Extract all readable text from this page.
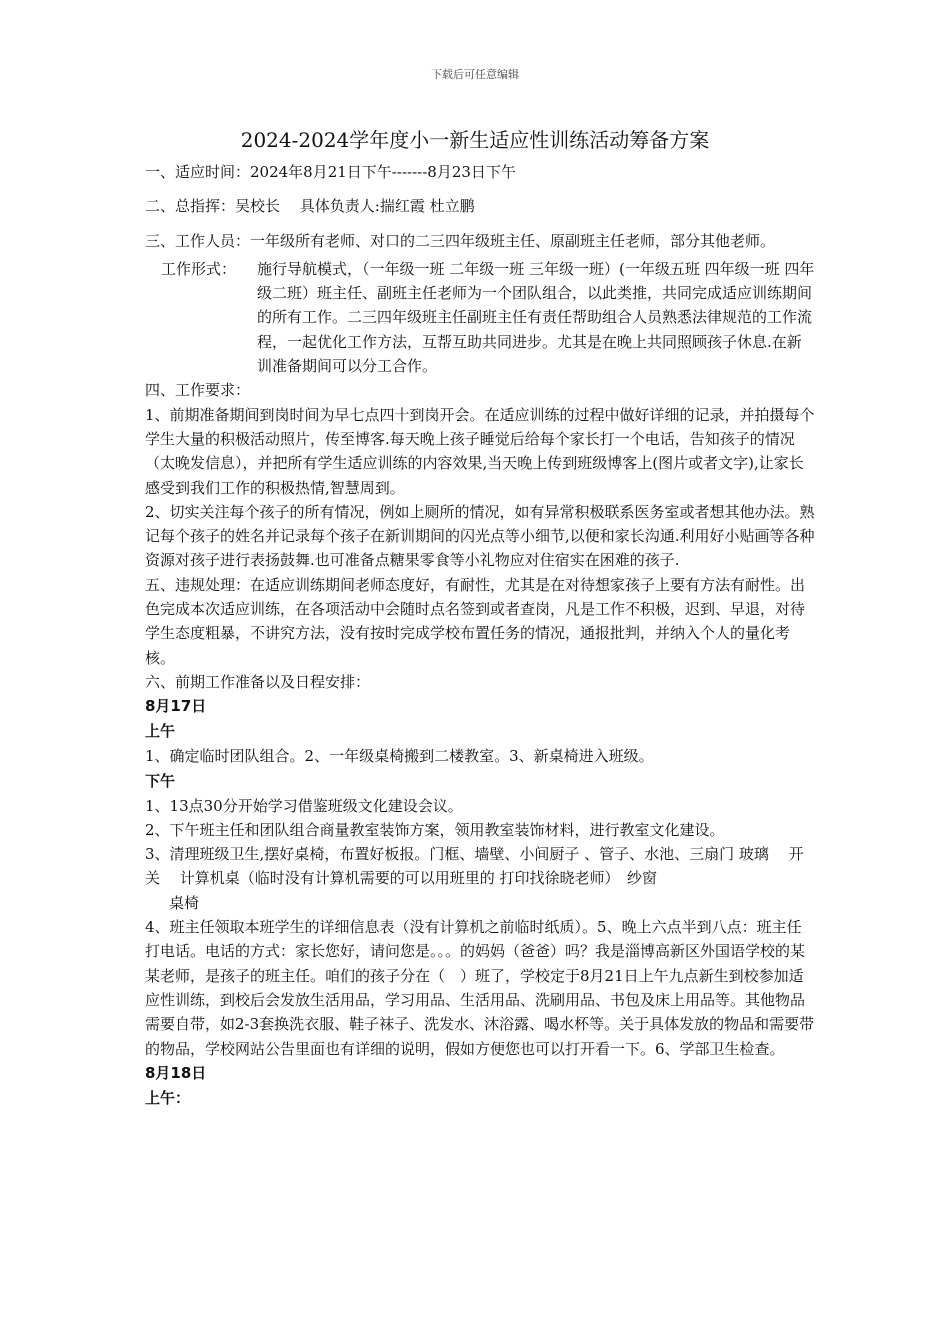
下载后可任意编辑
2024-2024学年度小一新生适应性训练活动筹备方案

一、适应时间：2024年8月21日下午-------8月23日下午

二、总指挥：吴校长　 具体负责人:揣红霞 杜立鹏

三、工作人员：一年级所有老师、对口的二三四年级班主任、原副班主任老师，部分其他老师。

工作形式：	施行导航模式，（一年级一班 二年级一班 三年级一班）(一年级五班 四年级一班 四年级二班）班主任、副班主任老师为一个团队组合，以此类推，共同完成适应训练期间的所有工作。二三四年级班主任副班主任有责任帮助组合人员熟悉法律规范的工作流程，一起优化工作方法，互帮互助共同进步。尤其是在晚上共同照顾孩子休息.在新训准备期间可以分工合作。

四、工作要求：

1、前期准备期间到岗时间为早七点四十到岗开会。在适应训练的过程中做好详细的记录，并拍摄每个学生大量的积极活动照片，传至博客.每天晚上孩子睡觉后给每个家长打一个电话，告知孩子的情况（太晚发信息），并把所有学生适应训练的内容效果,当天晚上传到班级博客上(图片或者文字),让家长感受到我们工作的积极热情,智慧周到。

2、切实关注每个孩子的所有情况，例如上厕所的情况，如有异常积极联系医务室或者想其他办法。熟记每个孩子的姓名并记录每个孩子在新训期间的闪光点等小细节,以便和家长沟通.利用好小贴画等各种资源对孩子进行表扬鼓舞.也可准备点糖果零食等小礼物应对住宿实在困难的孩子.

五、违规处理：在适应训练期间老师态度好，有耐性，尤其是在对待想家孩子上要有方法有耐性。出色完成本次适应训练，在各项活动中会随时点名签到或者查岗，凡是工作不积极，迟到、早退，对待学生态度粗暴，不讲究方法，没有按时完成学校布置任务的情况，通报批判，并纳入个人的量化考核。

六、前期工作准备以及日程安排：

8月17日

上午

1、确定临时团队组合。2、一年级桌椅搬到二楼教室。3、新桌椅进入班级。

下午

1、13点30分开始学习借鉴班级文化建设会议。

2、下午班主任和团队组合商量教室装饰方案，领用教室装饰材料，进行教室文化建设。

3、清理班级卫生,摆好桌椅，布置好板报。门框、墙壁、小间厨子 、管子、水池、三扇门 玻璃　 开关　 计算机桌（临时没有计算机需要的可以用班里的 打印找徐晓老师）　纱窗

桌椅

4、班主任领取本班学生的详细信息表（没有计算机之前临时纸质）。5、晚上六点半到八点：班主任打电话。电话的方式：家长您好，请问您是。。。的妈妈（爸爸）吗？我是淄博高新区外国语学校的某某老师，是孩子的班主任。咱们的孩子分在（　）班了，学校定于8月21日上午九点新生到校参加适应性训练，到校后会发放生活用品，学习用品、生活用品、洗刷用品、书包及床上用品等。其他物品需要自带，如2-3套换洗衣服、鞋子袜子、洗发水、沐浴露、喝水杯等。关于具体发放的物品和需要带的物品，学校网站公告里面也有详细的说明，假如方便您也可以打开看一下。6、学部卫生检查。

8月18日

上午：
